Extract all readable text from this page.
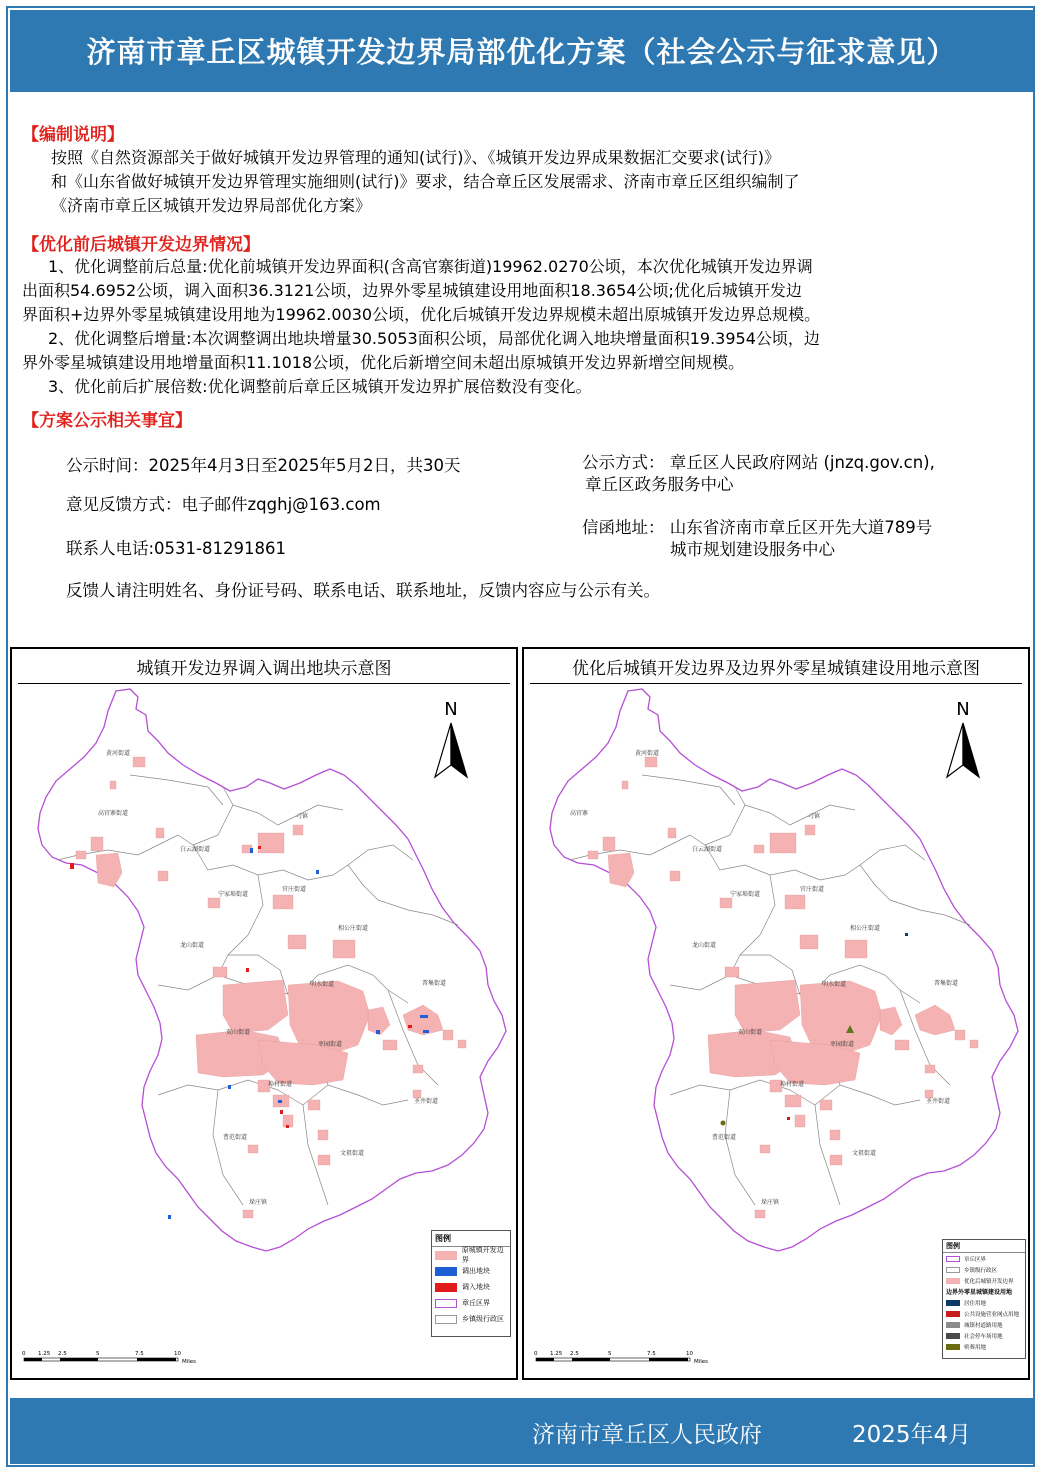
济南市章丘区城镇开发边界局部优化方案（社会公示与征求意见）
【编制说明】
按照《自然资源部关于做好城镇开发边界管理的通知(试行)》、《城镇开发边界成果数据汇交要求(试行)》
和《山东省做好城镇开发边界管理实施细则(试行)》要求，结合章丘区发展需求、济南市章丘区组织编制了
《济南市章丘区城镇开发边界局部优化方案》
【优化前后城镇开发边界情况】
1、优化调整前后总量:优化前城镇开发边界面积(含高官寨街道)19962.0270公顷，本次优化城镇开发边界调
出面积54.6952公顷，调入面积36.3121公顷，边界外零星城镇建设用地面积18.3654公顷;优化后城镇开发边
界面积+边界外零星城镇建设用地为19962.0030公顷，优化后城镇开发边界规模未超出原城镇开发边界总规模。
2、优化调整后增量:本次调整调出地块增量30.5053面积公顷，局部优化调入地块增量面积19.3954公顷，边
界外零星城镇建设用地增量面积11.1018公顷，优化后新增空间未超出原城镇开发边界新增空间规模。
3、优化前后扩展倍数:优化调整前后章丘区城镇开发边界扩展倍数没有变化。
【方案公示相关事宜】
公示时间：2025年4月3日至2025年5月2日，共30天
意见反馈方式：电子邮件zqghj@163.com
联系人电话:0531-81291861
公示方式： 章丘区人民政府网站 (jnzq.gov.cn),
章丘区政务服务中心
信函地址： 山东省济南市章丘区开先大道789号
城市规划建设服务中心
反馈人请注明姓名、身份证号码、联系电话、联系地址，反馈内容应与公示有关。
城镇开发边界调入调出地块示意图
黄河街道
高官寨街道	刁镇
白云湖街道
官庄街道
宁家埠街道
龙山街道
相公庄街道
普集街道
明水街道
双山街道
枣园街道
埠村街道
圣井街道
曹范街道
文祖街道
垛庄镇
N
图例
原城镇开发边界
调出地块
调入地块
章丘区界
乡镇级行政区
0 1.25 2.5	5	7.5	10
Miles
优化后城镇开发边界及边界外零星城镇建设用地示意图
黄河街道
高官寨	刁镇
白云湖街道
官庄街道
宁家埠街道
龙山街道
相公庄街道
普集街道
明水街道
双山街道
枣园街道
埠村街道
圣井街道
曹范街道
文祖街道
垛庄镇
N
图例
章丘区界
乡镇级行政区
优化后城镇开发边界
边界外零星城镇建设用地
居住用地
公共设施营业网点用地
城镇村道路用地
社会停车场用地
殡葬用地
0 1.25 2.5	5	7.5	10
Miles
济南市章丘区人民政府	2025年4月
